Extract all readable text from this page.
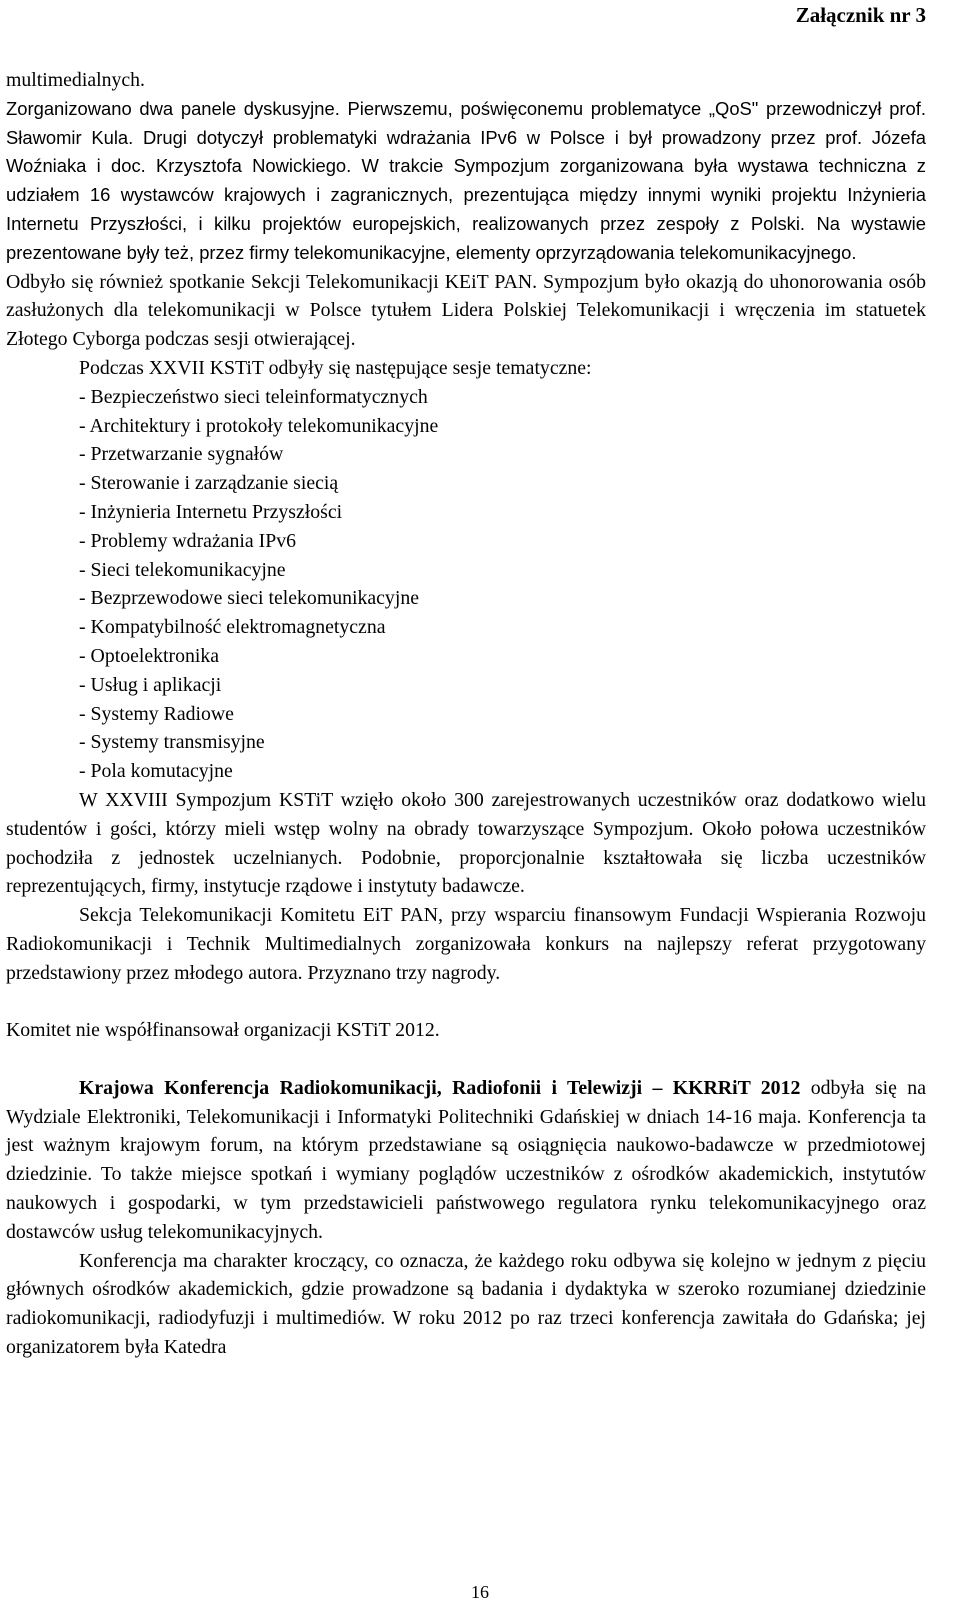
Załącznik nr 3

multimedialnych.

Zorganizowano dwa panele dyskusyjne. Pierwszemu, poświęconemu problematyce „QoS" przewodniczył prof. Sławomir Kula. Drugi dotyczył problematyki wdrażania IPv6 w Polsce i był prowadzony przez prof. Józefa Woźniaka i doc. Krzysztofa Nowickiego. W trakcie Sympozjum zorganizowana była wystawa techniczna z udziałem 16 wystawców krajowych i zagranicznych, prezentująca między innymi wyniki projektu Inżynieria Internetu Przyszłości, i kilku projektów europejskich, realizowanych przez zespoły z Polski. Na wystawie prezentowane były też, przez firmy telekomunikacyjne, elementy oprzyrządowania telekomunikacyjnego.

Odbyło się również spotkanie Sekcji Telekomunikacji KEiT PAN. Sympozjum było okazją do uhonorowania osób zasłużonych dla telekomunikacji w Polsce tytułem Lidera Polskiej Telekomunikacji i wręczenia im statuetek Złotego Cyborga podczas sesji otwierającej.

Podczas XXVII KSTiT odbyły się następujące sesje tematyczne:

- Bezpieczeństwo sieci teleinformatycznych
- Architektury i protokoły telekomunikacyjne
- Przetwarzanie sygnałów
- Sterowanie i zarządzanie siecią
- Inżynieria Internetu Przyszłości
- Problemy wdrażania IPv6
- Sieci telekomunikacyjne
- Bezprzewodowe sieci telekomunikacyjne
- Kompatybilność elektromagnetyczna
- Optoelektronika
- Usług i aplikacji
- Systemy Radiowe
- Systemy transmisyjne
- Pola komutacyjne

W XXVIII Sympozjum KSTiT wzięło około 300 zarejestrowanych uczestników oraz dodatkowo wielu studentów i gości, którzy mieli wstęp wolny na obrady towarzyszące Sympozjum. Około połowa uczestników pochodziła z jednostek uczelnianych. Podobnie, proporcjonalnie kształtowała się liczba uczestników reprezentujących, firmy, instytucje rządowe i instytuty badawcze.

Sekcja Telekomunikacji Komitetu EiT PAN, przy wsparciu finansowym Fundacji Wspierania Rozwoju Radiokomunikacji i Technik Multimedialnych zorganizowała konkurs na najlepszy referat przygotowany przedstawiony przez młodego autora. Przyznano trzy nagrody.

Komitet nie współfinansował organizacji KSTiT 2012.

Krajowa Konferencja Radiokomunikacji, Radiofonii i Telewizji – KKRRiT 2012 odbyła się na Wydziale Elektroniki, Telekomunikacji i Informatyki Politechniki Gdańskiej w dniach 14-16 maja. Konferencja ta jest ważnym krajowym forum, na którym przedstawiane są osiągnięcia naukowo-badawcze w przedmiotowej dziedzinie. To także miejsce spotkań i wymiany poglądów uczestników z ośrodków akademickich, instytutów naukowych i gospodarki, w tym przedstawicieli państwowego regulatora rynku telekomunikacyjnego oraz dostawców usług telekomunikacyjnych.

Konferencja ma charakter kroczący, co oznacza, że każdego roku odbywa się kolejno w jednym z pięciu głównych ośrodków akademickich, gdzie prowadzone są badania i dydaktyka w szeroko rozumianej dziedzinie radiokomunikacji, radiodyfuzji i multimediów. W roku 2012 po raz trzeci konferencja zawitała do Gdańska; jej organizatorem była Katedra

16
